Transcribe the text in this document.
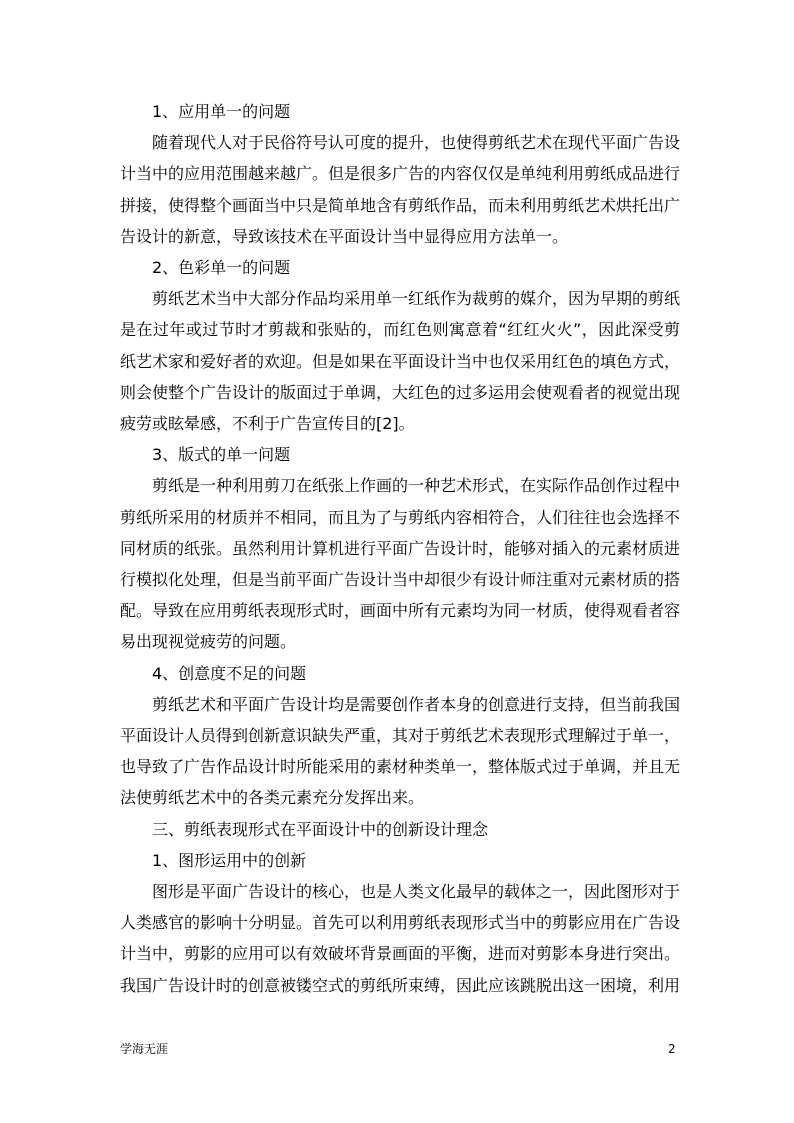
1、应用单一的问题

随着现代人对于民俗符号认可度的提升，也使得剪纸艺术在现代平面广告设计当中的应用范围越来越广。但是很多广告的内容仅仅是单纯利用剪纸成品进行拼接，使得整个画面当中只是简单地含有剪纸作品，而未利用剪纸艺术烘托出广告设计的新意，导致该技术在平面设计当中显得应用方法单一。

2、色彩单一的问题

剪纸艺术当中大部分作品均采用单一红纸作为裁剪的媒介，因为早期的剪纸是在过年或过节时才剪裁和张贴的，而红色则寓意着“红红火火”，因此深受剪纸艺术家和爱好者的欢迎。但是如果在平面设计当中也仅采用红色的填色方式，则会使整个广告设计的版面过于单调，大红色的过多运用会使观看者的视觉出现疲劳或眩晕感，不利于广告宣传目的[2]。

3、版式的单一问题

剪纸是一种利用剪刀在纸张上作画的一种艺术形式，在实际作品创作过程中剪纸所采用的材质并不相同，而且为了与剪纸内容相符合，人们往往也会选择不同材质的纸张。虽然利用计算机进行平面广告设计时，能够对插入的元素材质进行模拟化处理，但是当前平面广告设计当中却很少有设计师注重对元素材质的搭配。导致在应用剪纸表现形式时，画面中所有元素均为同一材质，使得观看者容易出现视觉疲劳的问题。

4、创意度不足的问题

剪纸艺术和平面广告设计均是需要创作者本身的创意进行支持，但当前我国平面设计人员得到创新意识缺失严重，其对于剪纸艺术表现形式理解过于单一，也导致了广告作品设计时所能采用的素材种类单一，整体版式过于单调，并且无法使剪纸艺术中的各类元素充分发挥出来。

三、剪纸表现形式在平面设计中的创新设计理念

1、图形运用中的创新

图形是平面广告设计的核心，也是人类文化最早的载体之一，因此图形对于人类感官的影响十分明显。首先可以利用剪纸表现形式当中的剪影应用在广告设计当中，剪影的应用可以有效破坏背景画面的平衡，进而对剪影本身进行突出。我国广告设计时的创意被镂空式的剪纸所束缚，因此应该跳脱出这一困境，利用

学海无涯	2
